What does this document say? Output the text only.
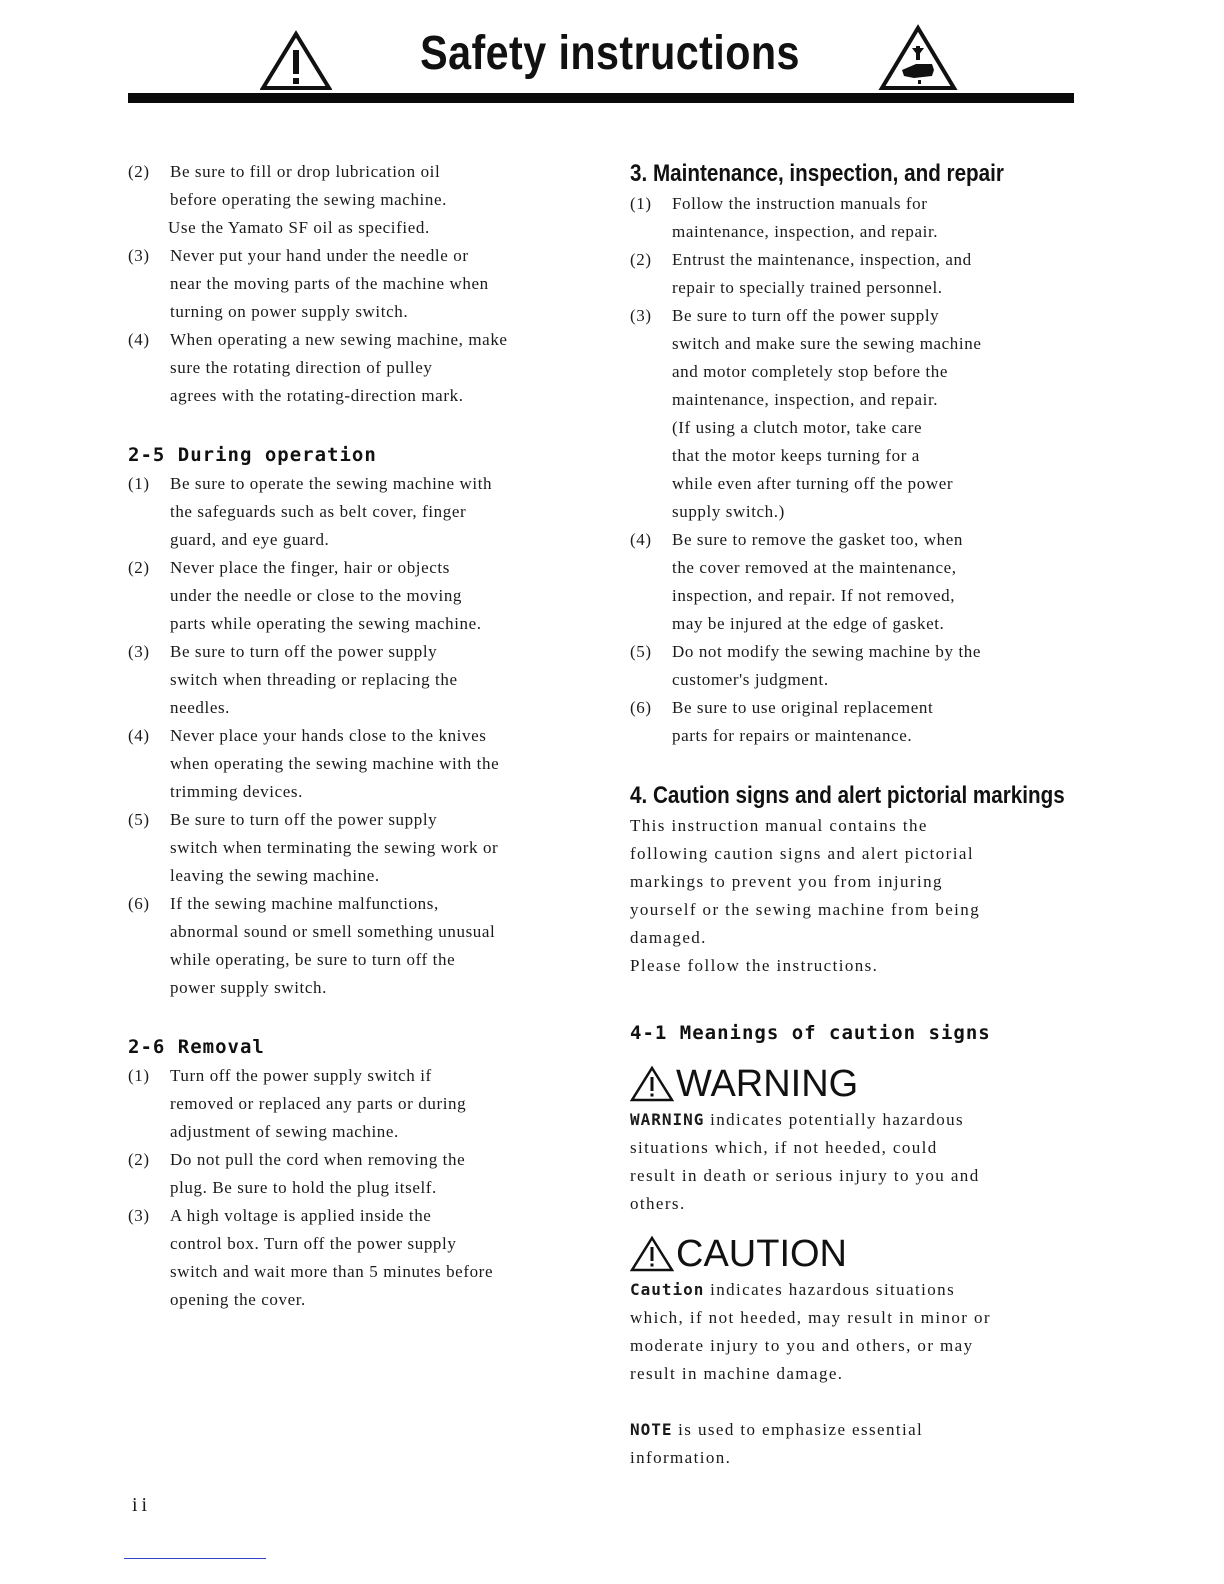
Safety instructions
(2)	Be sure to fill or drop lubrication oil
before operating the sewing machine.
Use the Yamato SF oil as specified.
(3)	Never put your hand under the needle or
near the moving parts of the machine when
turning on power supply switch.
(4)	When operating a new sewing machine, make
sure the rotating direction of pulley
agrees with the rotating-direction mark.
2-5 During operation
(1)	Be sure to operate the sewing machine with
the safeguards such as belt cover, finger
guard, and eye guard.
(2)	Never place the finger, hair or objects
under the needle or close to the moving
parts while operating the sewing machine.
(3)	Be sure to turn off the power supply
switch when threading or replacing the
needles.
(4)	Never place your hands close to the knives
when operating the sewing machine with the
trimming devices.
(5)	Be sure to turn off the power supply
switch when terminating the sewing work or
leaving the sewing machine.
(6)	If the sewing machine malfunctions,
abnormal sound or smell something unusual
while operating, be sure to turn off the
power supply switch.
2-6 Removal
(1)	Turn off the power supply switch if
removed or replaced any parts or during
adjustment of sewing machine.
(2)	Do not pull the cord when removing the
plug. Be sure to hold the plug itself.
(3)	A high voltage is applied inside the
control box. Turn off the power supply
switch and wait more than 5 minutes before
opening the cover.
3. Maintenance, inspection, and repair
(1)	Follow the instruction manuals for
maintenance, inspection, and repair.
(2)	Entrust the maintenance, inspection, and
repair to specially trained personnel.
(3)	Be sure to turn off the power supply
switch and make sure the sewing machine
and motor completely stop before the
maintenance, inspection, and repair.
(If using a clutch motor, take care
that the motor keeps turning for a
while even after turning off the power
supply switch.)
(4)	Be sure to remove the gasket too, when
the cover removed at the maintenance,
inspection, and repair. If not removed,
may be injured at the edge of gasket.
(5)	Do not modify the sewing machine by the
customer's judgment.
(6)	Be sure to use original replacement
parts for repairs or maintenance.
4. Caution signs and alert pictorial markings
This instruction manual contains the
following caution signs and alert pictorial
markings to prevent you from injuring
yourself or the sewing machine from being
damaged.
Please follow the instructions.
4-1 Meanings of caution signs
WARNING
WARNING indicates potentially hazardous
situations which, if not heeded, could
result in death or serious injury to you and
others.
CAUTION
Caution indicates hazardous situations
which, if not heeded, may result in minor or
moderate injury to you and others, or may
result in machine damage.
NOTE is used to emphasize essential
information.
ii
